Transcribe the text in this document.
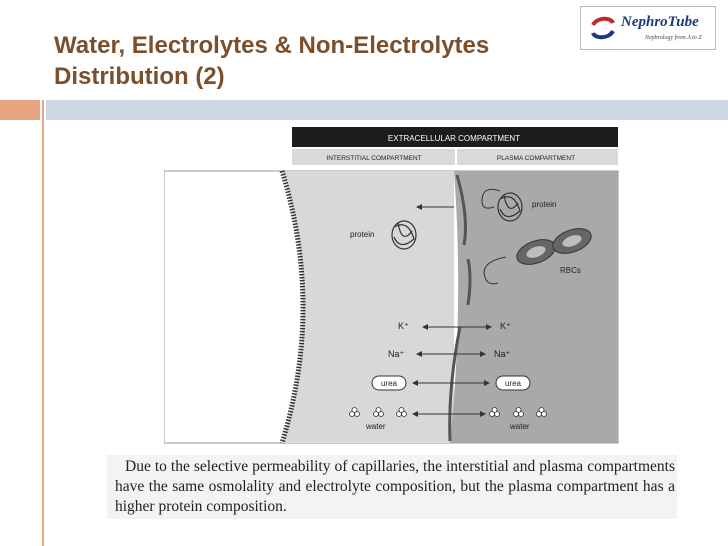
Water, Electrolytes & Non-Electrolytes Distribution (2)
NephroTube
Nephrology from A to Z
EXTRACELLULAR COMPARTMENT
INTERSTITIAL COMPARTMENT	PLASMA COMPARTMENT
protein
protein
RBCs
K⁺	K⁺
Na⁺	Na⁺
urea	urea
water	water
Due to the selective permeability of capillaries, the interstitial and plasma compartments have the same osmolality and electrolyte composition, but the plasma compartment has a higher protein composition.
